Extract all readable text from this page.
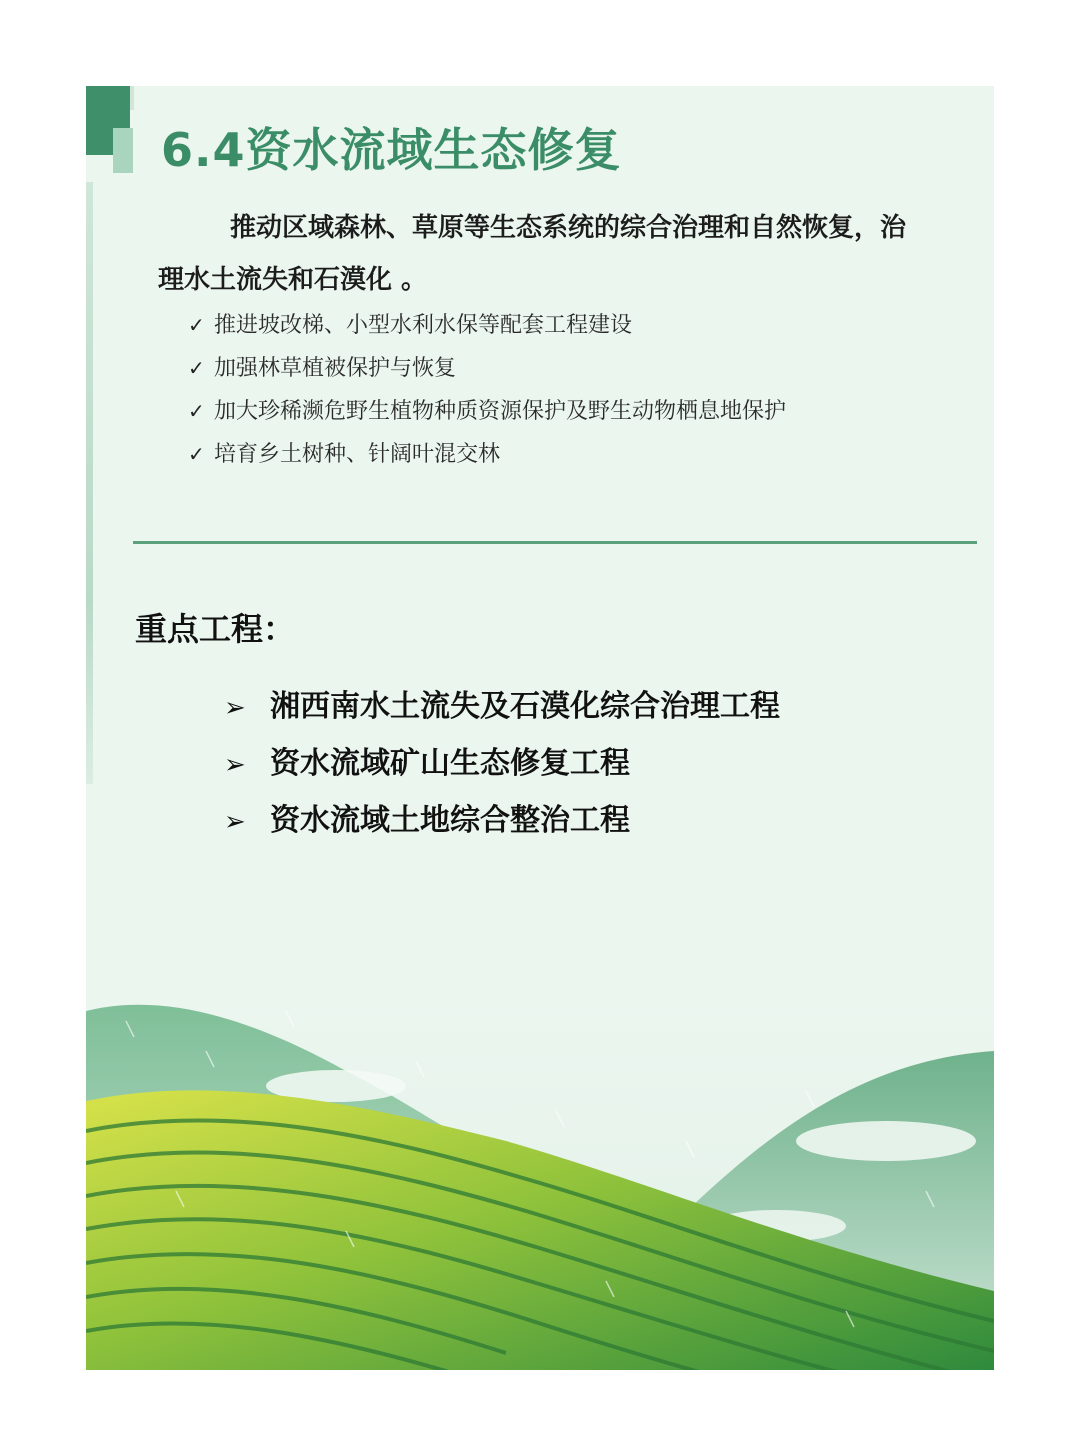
6.4资水流域生态修复

推动区域森林、草原等生态系统的综合治理和自然恢复，治理水土流失和石漠化 。

✓ 推进坡改梯、小型水利水保等配套工程建设
✓ 加强林草植被保护与恢复
✓ 加大珍稀濒危野生植物种质资源保护及野生动物栖息地保护
✓ 培育乡土树种、针阔叶混交林
重点工程：
➢ 湘西南水土流失及石漠化综合治理工程
➢ 资水流域矿山生态修复工程
➢ 资水流域土地综合整治工程
